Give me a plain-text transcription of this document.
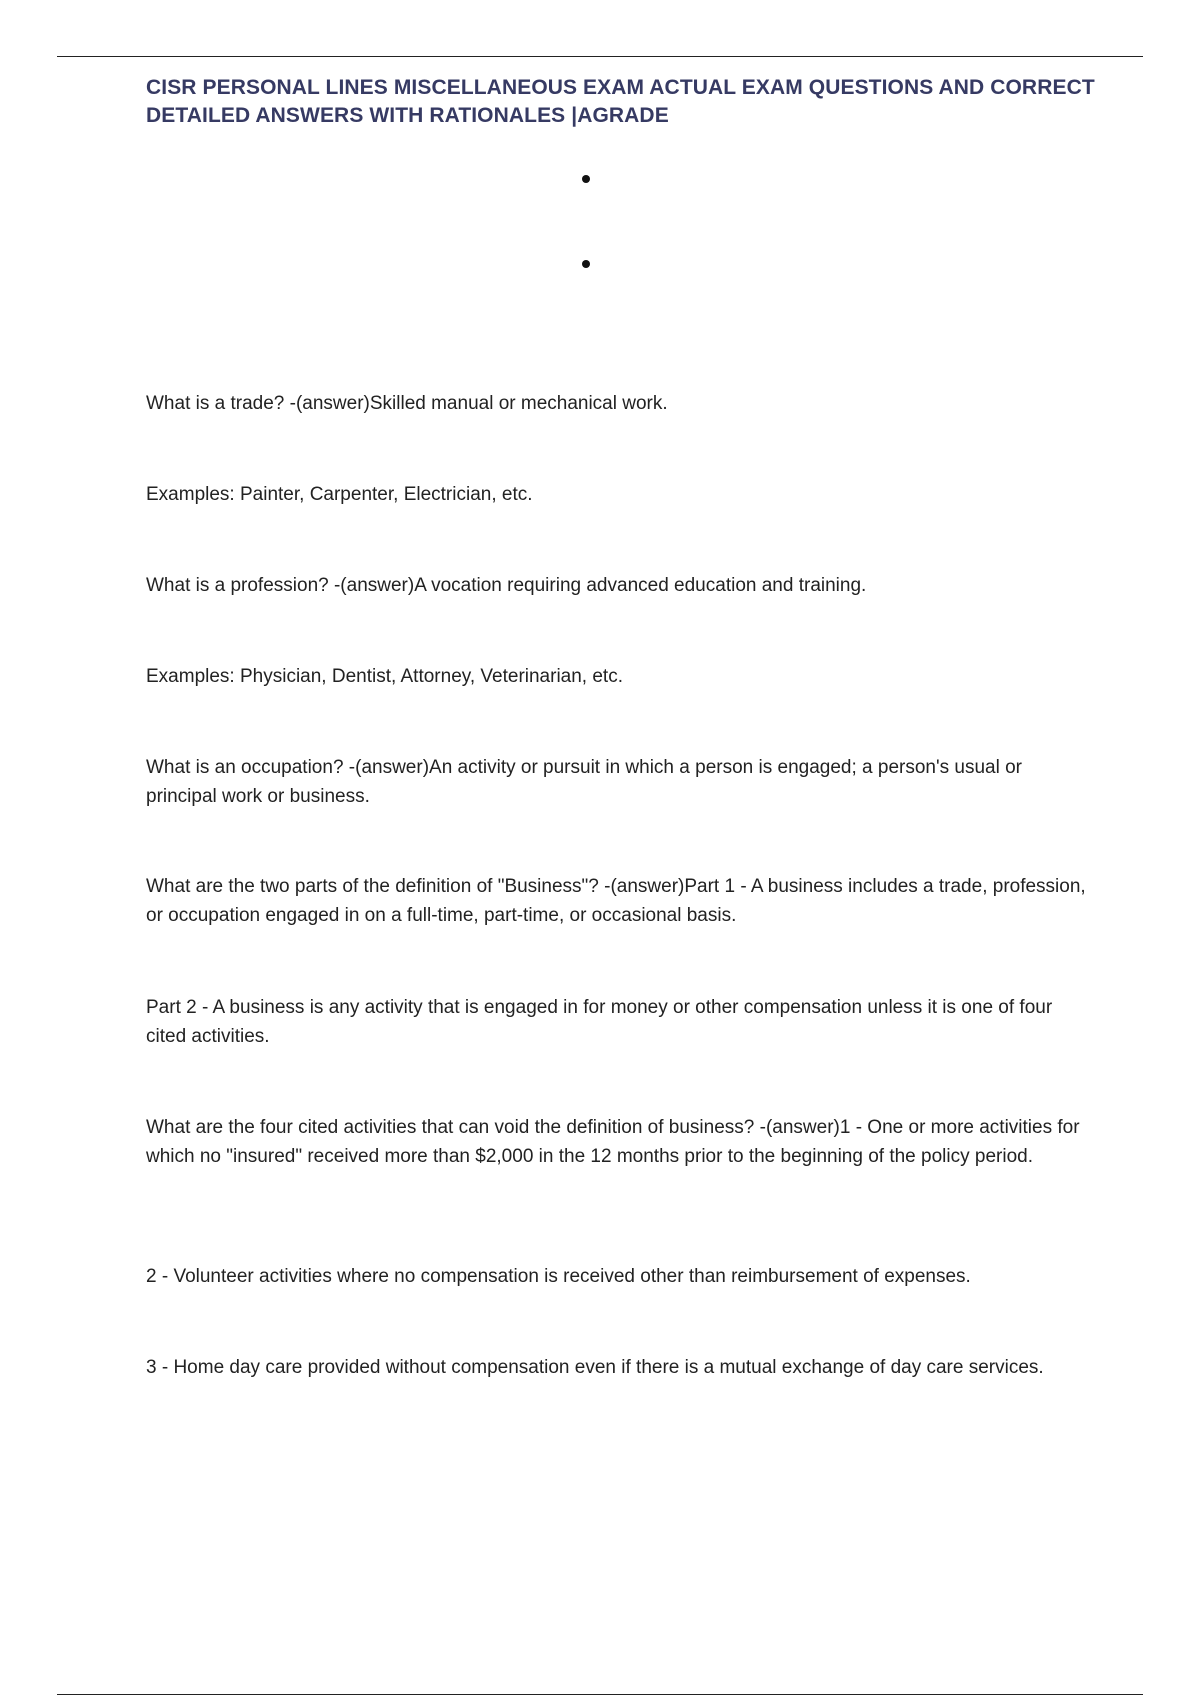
CISR PERSONAL LINES MISCELLANEOUS EXAM ACTUAL EXAM QUESTIONS AND CORRECT DETAILED ANSWERS WITH RATIONALES |AGRADE
What is a trade? -(answer)Skilled manual or mechanical work.
Examples: Painter, Carpenter, Electrician, etc.
What is a profession? -(answer)A vocation requiring advanced education and training.
Examples: Physician, Dentist, Attorney, Veterinarian, etc.
What is an occupation? -(answer)An activity or pursuit in which a person is engaged; a person's usual or principal work or business.
What are the two parts of the definition of "Business"? -(answer)Part 1 - A business includes a trade, profession, or occupation engaged in on a full-time, part-time, or occasional basis.
Part 2 - A business is any activity that is engaged in for money or other compensation unless it is one of four cited activities.
What are the four cited activities that can void the definition of business? -(answer)1 - One or more activities for which no "insured" received more than $2,000 in the 12 months prior to the beginning of the policy period.
2 - Volunteer activities where no compensation is received other than reimbursement of expenses.
3 - Home day care provided without compensation even if there is a mutual exchange of day care services.
